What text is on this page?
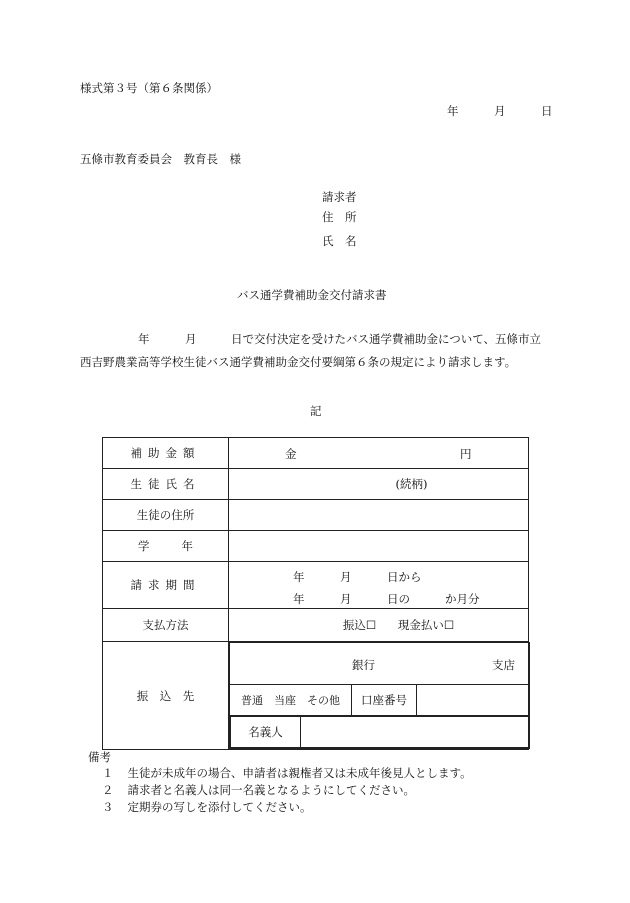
様式第３号（第６条関係）
年	月	日
五條市教育委員会　教育長　様
請求者
住　所
氏　名
バス通学費補助金交付請求書
年	月	日で交付決定を受けたバス通学費補助金について、五條市立
西吉野農業高等学校生徒バス通学費補助金交付要綱第６条の規定により請求します。
記
補助金額	金	円

生徒氏名	(続柄)
生徒の住所	
学	年	
請求期間	
年	月	日から
年	月	日の	か月分

支払方法	振込☐ 現金払い☐
振　込　先	
銀行	支店

普通　当座　その他	口座番号	

名義人	
備考
１ 生徒が未成年の場合、申請者は親権者又は未成年後見人とします。
２ 請求者と名義人は同一名義となるようにしてください。
３ 定期券の写しを添付してください。
